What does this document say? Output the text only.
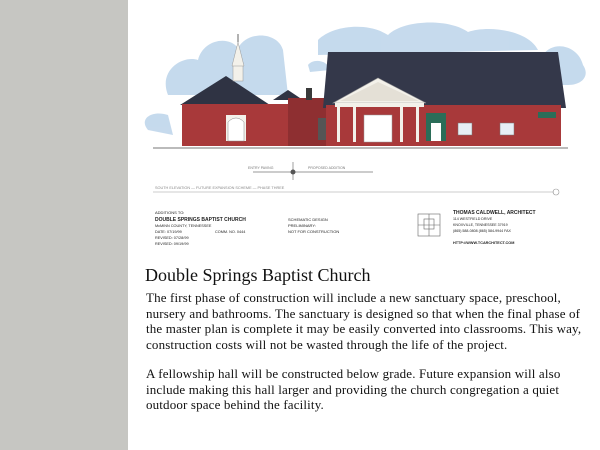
ENTRY PAVING	PROPOSED ADDITION
SOUTH ELEVATION — FUTURE EXPANSION SCHEME — PHASE THREE
ADDITIONS TO:
DOUBLE SPRINGS BAPTIST CHURCH
McMINN COUNTY, TENNESSEE
DATE: 07/19/99	COMM. NO. 0444
REVISED: 07/28/99
REVISED: 09/19/99
SCHEMATIC DESIGN
PRELIMINARY:
NOT FOR CONSTRUCTION
THOMAS CALDWELL, ARCHITECT
114 WESTFIELD DRIVE
KNOXVILLE, TENNESSEE 37919
(865) 588-0808 (865) 584-9944 FAX
HTTP://WWW.TCARCHITECT.COM
Double Springs Baptist Church

The first phase of construction will include a new sanctuary space, preschool, nursery and bathrooms. The sanctuary is designed so that when the final phase of the master plan is complete it may be easily converted into classrooms. This way, construction costs will not be wasted through the life of the project.

A fellowship hall will be constructed below grade. Future expansion will also include making this hall larger and providing the church congregation a quiet outdoor space behind the facility.
